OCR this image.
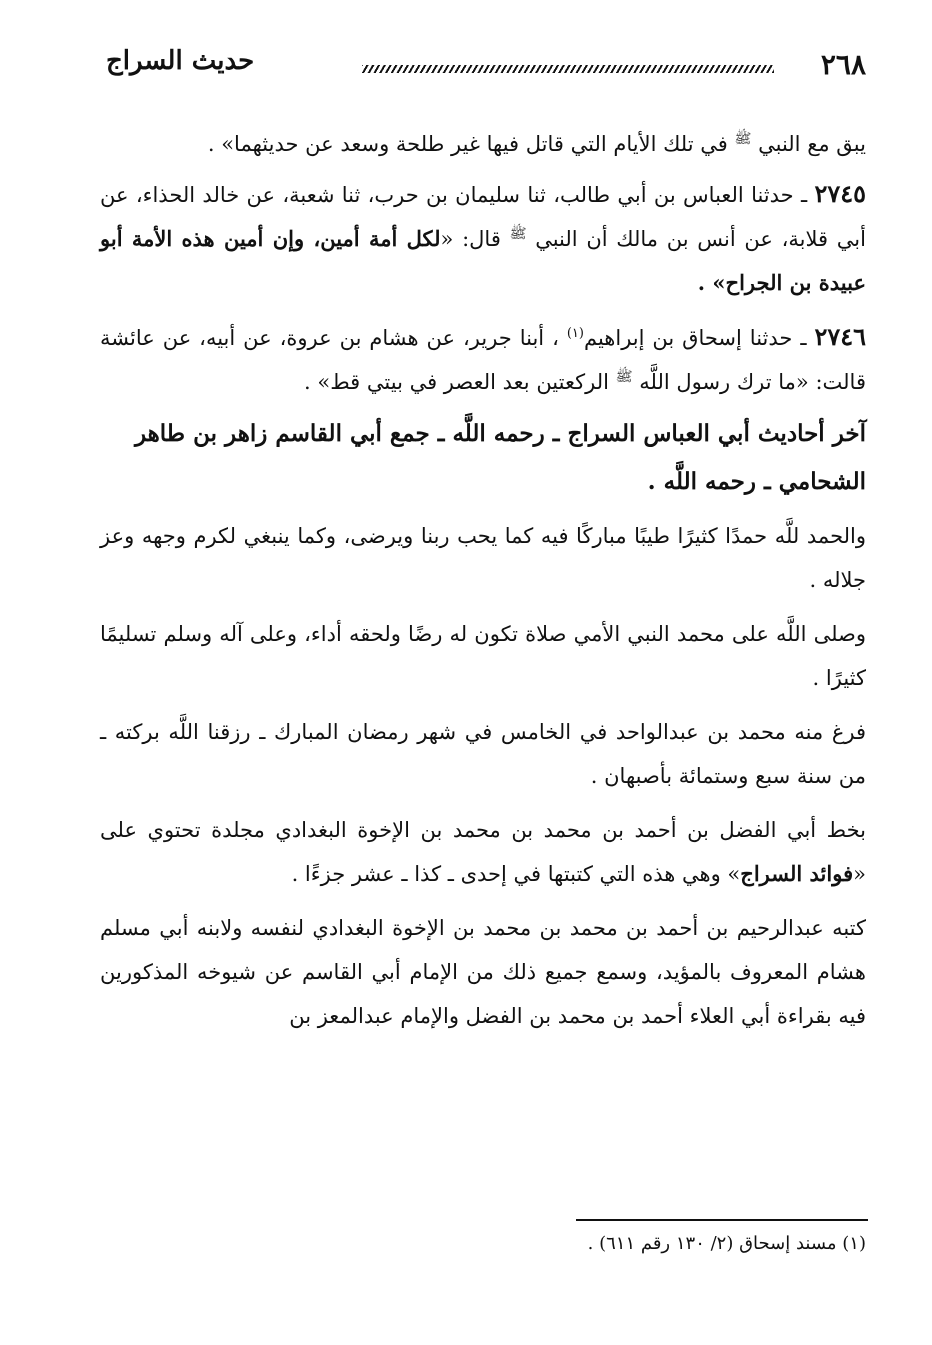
٢٦٨
حديث السراج

يبق مع النبي $^ﷺ$ في تلك الأيام التي قاتل فيها غير طلحة وسعد عن حديثهما» .

٢٧٤٥ ـ حدثنا العباس بن أبي طالب، ثنا سليمان بن حرب، ثنا شعبة، عن خالد الحذاء، عن أبي قلابة، عن أنس بن مالك أن النبي $^ﷺ$ قال: «لكل أمة أمين، وإن أمين هذه الأمة أبو عبيدة بن الجراح» .

٢٧٤٦ ـ حدثنا إسحاق بن إبراهيم$^{(١)}$ ، أبنا جرير، عن هشام بن عروة، عن أبيه، عن عائشة قالت: «ما ترك رسول اللَّه $^ﷺ$ الركعتين بعد العصر في بيتي قط» .

آخر أحاديث أبي العباس السراج ـ رحمه اللَّه ـ جمع أبي القاسم زاهر بن طاهر الشحامي ـ رحمه اللَّه .

والحمد للَّه حمدًا كثيرًا طيبًا مباركًا فيه كما يحب ربنا ويرضى، وكما ينبغي لكرم وجهه وعز جلاله .

وصلى اللَّه على محمد النبي الأمي صلاة تكون له رضًا ولحقه أداء، وعلى آله وسلم تسليمًا كثيرًا .

فرغ منه محمد بن عبدالواحد في الخامس في شهر رمضان المبارك ـ رزقنا اللَّه بركته ـ من سنة سبع وستمائة بأصبهان .

بخط أبي الفضل بن أحمد بن محمد بن محمد بن الإخوة البغدادي مجلدة تحتوي على «فوائد السراج» وهي هذه التي كتبتها في إحدى ـ كذا ـ عشر جزءًا .

كتبه عبدالرحيم بن أحمد بن محمد بن محمد بن الإخوة البغدادي لنفسه ولابنه أبي مسلم هشام المعروف بالمؤيد، وسمع جميع ذلك من الإمام أبي القاسم عن شيوخه المذكورين فيه بقراءة أبي العلاء أحمد بن محمد بن الفضل والإمام عبدالمعز بن

(١) مسند إسحاق (٢/ ١٣٠ رقم ٦١١) .
